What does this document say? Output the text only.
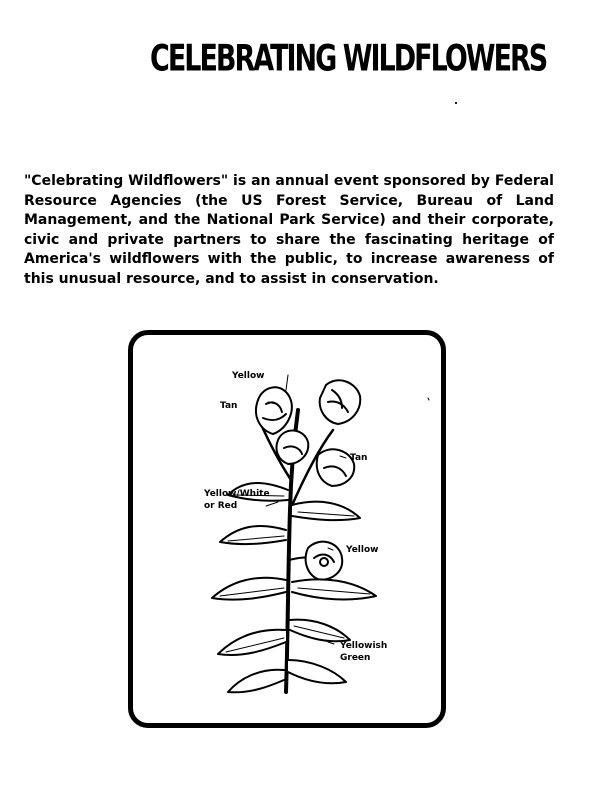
CELEBRATING WILDFLOWERS

"Celebrating Wildflowers" is an annual event sponsored by Federal Resource Agencies (the US Forest Service, Bureau of Land Management, and the National Park Service) and their corporate, civic and private partners to share the fascinating heritage of America's wildflowers with the public, to increase awareness of this unusual resource, and to assist in conservation.

Yellow
Tan
Tan
Yellow/White
or Red
Yellow
Yellowish
Green
